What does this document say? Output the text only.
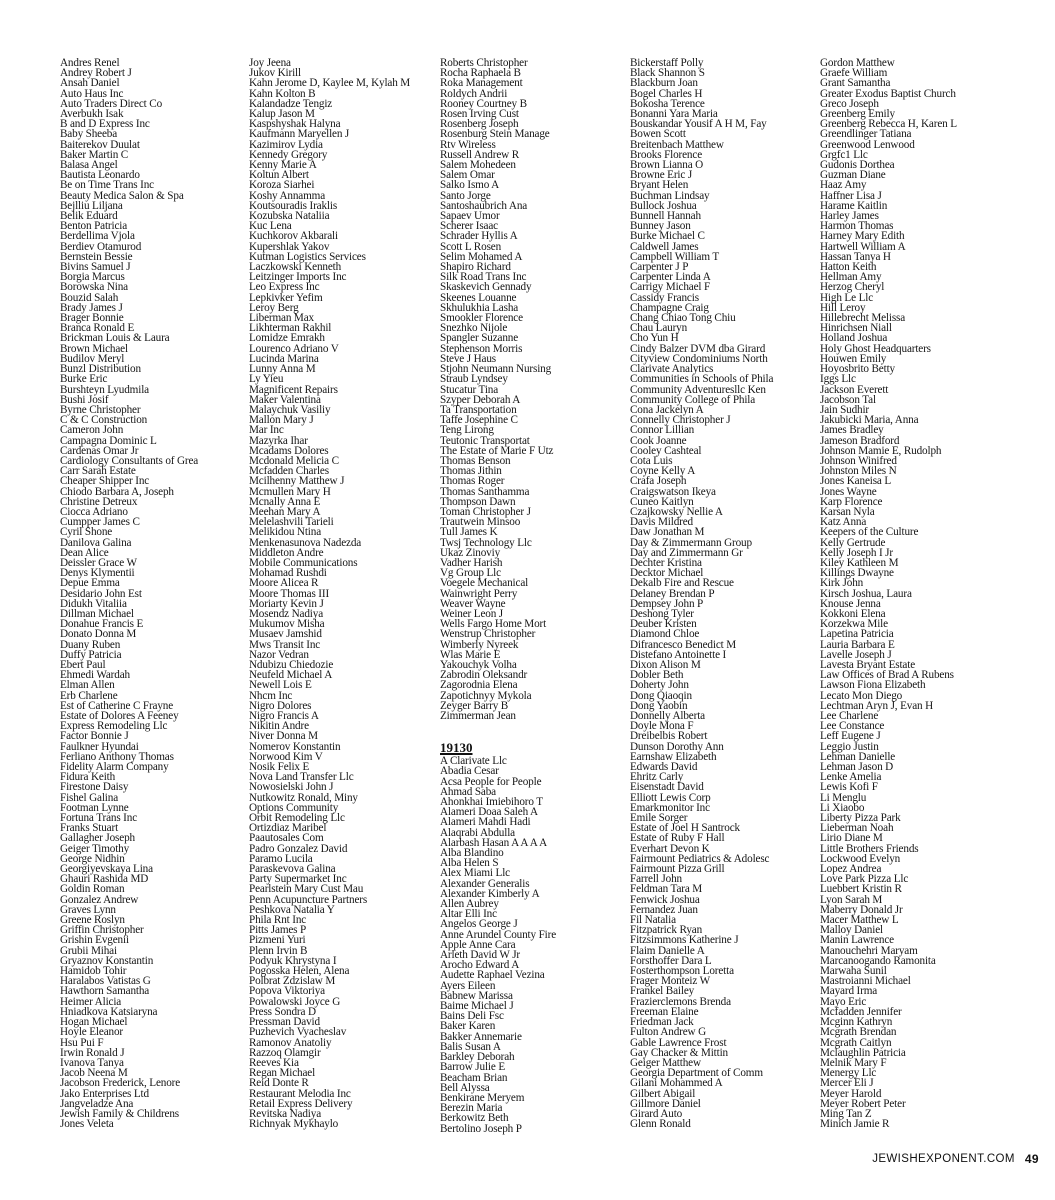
Andres Renel
Andrey Robert J
Ansah Daniel
Auto Haus Inc
Auto Traders Direct Co
Averbukh Isak
B and D Express Inc
Baby Sheeba
Baiterekov Duulat
Baker Martin C
Balasa Angel
Bautista Leonardo
Be on Time Trans Inc
Beauty Medica Salon & Spa
Bejlliu Liljana
Belik Eduard
Benton Patricia
Berdellima Vjola
Berdiev Otamurod
Bernstein Bessie
Bivins Samuel J
Borgia Marcus
Borowska Nina
Bouzid Salah
Brady James J
Brager Bonnie
Branca Ronald E
Brickman Louis & Laura
Brown Michael
Budilov Meryl
Bunzl Distribution
Burke Eric
Burshteyn Lyudmila
Bushi Josif
Byrne Christopher
C & C Construction
Cameron John
Campagna Dominic L
Cardenas Omar Jr
Cardiology Consultants of Grea
Carr Sarah Estate
Cheaper Shipper Inc
Chiodo Barbara A, Joseph
Christine Detreux
Ciocca Adriano
Cumpper James C
Cyril Shone
Danilova Galina
Dean Alice
Deissler Grace W
Denys Klymentii
Depue Emma
Desidario John Est
Didukh Vitaliia
Dillman Michael
Donahue Francis E
Donato Donna M
Duany Ruben
Duffy Patricia
Ebert Paul
Ehmedi Wardah
Elman Allen
Erb Charlene
Est of Catherine C Frayne
Estate of Dolores A Feeney
Express Remodeling Llc
Factor Bonnie J
Faulkner Hyundai
Ferliano Anthony Thomas
Fidelity Alarm Company
Fidura Keith
Firestone Daisy
Fishel Galina
Footman Lynne
Fortuna Trans Inc
Franks Stuart
Gallagher Joseph
Geiger Timothy
George Nidhin
Georgiyevskaya Lina
Ghauri Rashida MD
Goldin Roman
Gonzalez Andrew
Graves Lynn
Greene Roslyn
Griffin Christopher
Grishin Evgenii
Grubii Mihai
Gryaznov Konstantin
Hamidob Tohir
Haralabos Vatistas G
Hawthorn Samantha
Heimer Alicia
Hniadkova Katsiaryna
Hogan Michael
Hoyle Eleanor
Hsu Pui F
Irwin Ronald J
Ivanova Tanya
Jacob Neena M
Jacobson Frederick, Lenore
Jako Enterprises Ltd
Jangveladze Ana
Jewish Family & Childrens
Jones Veleta
Joy Jeena
Jukov Kirill
Kahn Jerome D, Kaylee M, Kylah M
Kahn Kolton B
Kalandadze Tengiz
Kalup Jason M
Kaspshyshak Halyna
Kaufmann Maryellen J
Kazimirov Lydia
Kennedy Gregory
Kenny Marie A
Koltun Albert
Koroza Siarhei
Koshy Annamma
Koutsouradis Iraklis
Kozubska Nataliia
Kuc Lena
Kuchkorov Akbarali
Kupershlak Yakov
Kutman Logistics Services
Laczkowski Kenneth
Leitzinger Imports Inc
Leo Express Inc
Lepkivker Yefim
Leroy Berg
Liberman Max
Likhterman Rakhil
Lomidze Emrakh
Lourenco Adriano V
Lucinda Marina
Lunny Anna M
Ly Yieu
Magnificent Repairs
Maker Valentina
Malaychuk Vasiliy
Mallon Mary J
Mar Inc
Mazyrka Ihar
Mcadams Dolores
Mcdonald Melicia C
Mcfadden Charles
Mcilhenny Matthew J
Mcmullen Mary H
Mcnally Anna E
Meehan Mary A
Melelashvili Tarieli
Melikidou Ntina
Menkenasunova Nadezda
Middleton Andre
Mobile Communications
Mohamad Rushdi
Moore Alicea R
Moore Thomas III
Moriarty Kevin J
Mosendz Nadiya
Mukumov Misha
Musaev Jamshid
Mws Transit Inc
Nazor Vedran
Ndubizu Chiedozie
Neufeld Michael A
Newell Lois E
Nhcm Inc
Nigro Dolores
Nigro Francis A
Nikitin Andre
Niver Donna M
Nomerov Konstantin
Norwood Kim V
Nosik Felix E
Nova Land Transfer Llc
Nowosielski John J
Nutkowitz Ronald, Miny
Options Community
Orbit Remodeling Llc
Ortizdiaz Maribel
Paautosales Com
Padro Gonzalez David
Paramo Lucila
Paraskevova Galina
Party Supermarket Inc
Pearlstein Mary Cust Mau
Penn Acupuncture Partners
Peshkova Natalia Y
Phila Rnt Inc
Pitts James P
Pizmeni Yuri
Plenn Irvin B
Podyuk Khrystyna I
Pogosska Helen, Alena
Polbrat Zdzislaw M
Popova Viktoriya
Powalowski Joyce G
Press Sondra D
Pressman David
Puzhevich Vyacheslav
Ramonov Anatoliy
Razzoq Olamgir
Reeves Kia
Regan Michael
Reid Donte R
Restaurant Melodia Inc
Retail Express Delivery
Revitska Nadiya
Richnyak Mykhaylo
Roberts Christopher
Rocha Raphaela B
Roka Management
Roldych Andrii
Rooney Courtney B
Rosen Irving Cust
Rosenberg Joseph
Rosenburg Stein Manage
Rtv Wireless
Russell Andrew R
Salem Mohedeen
Salem Omar
Salko Ismo A
Santo Jorge
Santoshaubrich Ana
Sapaev Umor
Scherer Isaac
Schrader Hyllis A
Scott L Rosen
Selim Mohamed A
Shapiro Richard
Silk Road Trans Inc
Skaskevich Gennady
Skeenes Louanne
Skhulukhia Lasha
Smookler Florence
Snezhko Nijole
Spangler Suzanne
Stephenson Morris
Steve J Haus
Stjohn Neumann Nursing
Straub Lyndsey
Stucatur Tina
Szyper Deborah A
Ta Transportation
Taffe Josephine C
Teng Lirong
Teutonic Transportat
The Estate of Marie F Utz
Thomas Benson
Thomas Jithin
Thomas Roger
Thomas Santhamma
Thompson Dawn
Toman Christopher J
Trautwein Minsoo
Tull James K
Twsj Technology Llc
Ukaz Zinoviy
Vadher Harish
Vg Group Llc
Voegele Mechanical
Wainwright Perry
Weaver Wayne
Weiner Leon J
Wells Fargo Home Mort
Wenstrup Christopher
Wimberly Nyreek
Wlas Marie E
Yakouchyk Volha
Zabrodin Oleksandr
Zagorodnia Elena
Zapotichnyy Mykola
Zeyger Barry B
Zimmerman Jean
19130
A Clarivate Llc
Abadia Cesar
Acsa People for People
Ahmad Saba
Ahonkhai Imiebihoro T
Alameri Doaa Saleh A
Alameri Mahdi Hadi
Alaqrabi Abdulla
Alarbash Hasan A A A A
Alba Blandino
Alba Helen S
Alex Miami Llc
Alexander Generalis
Alexander Kimberly A
Allen Aubrey
Altar Elli Inc
Angelos George J
Anne Arundel County Fire
Apple Anne Cara
Arleth David W Jr
Arocho Edward A
Audette Raphael Vezina
Ayers Eileen
Babnew Marissa
Baime Michael J
Bains Deli Fsc
Baker Karen
Bakker Annemarie
Balis Susan A
Barkley Deborah
Barrow Julie E
Beacham Brian
Bell Alyssa
Benkirane Meryem
Berezin Maria
Berkowitz Beth
Bertolino Joseph P
Bickerstaff Polly
Black Shannon S
Blackburn Joan
Bogel Charles H
Bokosha Terence
Bonanni Yara Maria
Bouskandar Yousif A H M, Fay
Bowen Scott
Breitenbach Matthew
Brooks Florence
Brown Lianna O
Browne Eric J
Bryant Helen
Buchman Lindsay
Bullock Joshua
Bunnell Hannah
Bunney Jason
Burke Michael C
Caldwell James
Campbell William T
Carpenter J P
Carpenter Linda A
Carrigy Michael F
Cassidy Francis
Champagne Craig
Chang Chiao Tong Chiu
Chau Lauryn
Cho Yun H
Cindy Balzer DVM dba Girard
Cityview Condominiums North
Clarivate Analytics
Communities in Schools of Phila
Community Adventuresllc Ken
Community College of Phila
Cona Jackelyn A
Connelly Christopher J
Connor Lillian
Cook Joanne
Cooley Cashteal
Cota Luis
Coyne Kelly A
Crafa Joseph
Craigswatson Ikeya
Cuneo Kaitlyn
Czajkowsky Nellie A
Davis Mildred
Daw Jonathan M
Day & Zimmermann Group
Day and Zimmermann Gr
Dechter Kristina
Decktor Michael
Dekalb Fire and Rescue
Delaney Brendan P
Dempsey John P
Deshong Tyler
Deuber Kristen
Diamond Chloe
Difrancesco Benedict M
Distefano Antoinette I
Dixon Alison M
Dobler Beth
Doherty John
Dong Qiaoqin
Dong Yaobin
Donnelly Alberta
Doyle Mona F
Dreibelbis Robert
Dunson Dorothy Ann
Earnshaw Elizabeth
Edwards David
Ehritz Carly
Eisenstadt David
Elliott Lewis Corp
Emarkmonitor Inc
Emile Sorger
Estate of Joel H Santrock
Estate of Ruby F Hall
Everhart Devon K
Fairmount Pediatrics & Adolesc
Fairmount Pizza Grill
Farrell John
Feldman Tara M
Fenwick Joshua
Fernandez Juan
Fil Natalia
Fitzpatrick Ryan
Fitzsimmons Katherine J
Flaim Danielle A
Forsthoffer Dara L
Fosterthompson Loretta
Frager Monteiz W
Frankel Bailey
Frazierclemons Brenda
Freeman Elaine
Friedman Jack
Fulton Andrew G
Gable Lawrence Frost
Gay Chacker & Mittin
Geiger Matthew
Georgia Department of Comm
Gilani Mohammed A
Gilbert Abigail
Gillmore Daniel
Girard Auto
Glenn Ronald
Gordon Matthew
Graefe William
Grant Samantha
Greater Exodus Baptist Church
Greco Joseph
Greenberg Emily
Greenberg Rebecca H, Karen L
Greendlinger Tatiana
Greenwood Lenwood
Grgfc1 Llc
Gudonis Dorthea
Guzman Diane
Haaz Amy
Haffner Lisa J
Harame Kaitlin
Harley James
Harmon Thomas
Harney Mary Edith
Hartwell William A
Hassan Tanya H
Hatton Keith
Hellman Amy
Herzog Cheryl
High Le Llc
Hill Leroy
Hillebrecht Melissa
Hinrichsen Niall
Holland Joshua
Holy Ghost Headquarters
Houwen Emily
Hoyosbrito Betty
Iggs Llc
Jackson Everett
Jacobson Tal
Jain Sudhir
Jakubicki Maria, Anna
James Bradley
Jameson Bradford
Johnson Mamie E, Rudolph
Johnson Winifred
Johnston Miles N
Jones Kaneisa L
Jones Wayne
Karp Florence
Karsan Nyla
Katz Anna
Keepers of the Culture
Kelly Gertrude
Kelly Joseph I Jr
Kiley Kathleen M
Killings Dwayne
Kirk John
Kirsch Joshua, Laura
Knouse Jenna
Kokkoni Elena
Korzekwa Mile
Lapetina Patricia
Lauria Barbara E
Lavelle Joseph J
Lavesta Bryant Estate
Law Offices of Brad A Rubens
Lawson Fiona Elizabeth
Lecato Mon Diego
Lechtman Aryn J, Evan H
Lee Charlene
Lee Constance
Leff Eugene J
Leggio Justin
Lehman Danielle
Lehman Jason D
Lenke Amelia
Lewis Kofi F
Li Menglu
Li Xiaobo
Liberty Pizza Park
Lieberman Noah
Lirio Diane M
Little Brothers Friends
Lockwood Evelyn
Lopez Andrea
Love Park Pizza Llc
Luebbert Kristin R
Lyon Sarah M
Maberry Donald Jr
Macer Matthew L
Malloy Daniel
Manin Lawrence
Manouchehri Maryam
Marcanoogando Ramonita
Marwaha Sunil
Mastroianni Michael
Mayard Irma
Mayo Eric
Mcfadden Jennifer
Mcginn Kathryn
Mcgrath Brendan
Mcgrath Caitlyn
Mclaughlin Patricia
Melnik Mary F
Menergy Llc
Mercer Eli J
Meyer Harold
Meyer Robert Peter
Ming Tan Z
Minich Jamie R
JEWISHEXPONENT.COM 49
